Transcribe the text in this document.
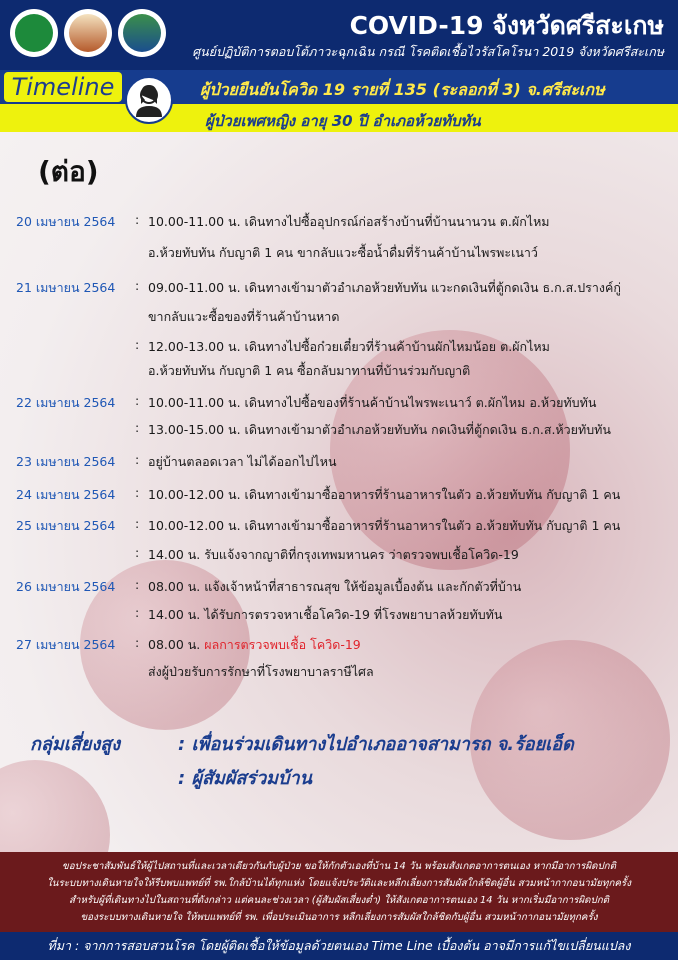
COVID-19 จังหวัดศรีสะเกษ
ศูนย์ปฏิบัติการตอบโต้ภาวะฉุกเฉิน กรณี โรคติดเชื้อไวรัสโคโรนา 2019 จังหวัดศรีสะเกษ
Timeline	ผู้ป่วยยืนยันโควิด 19 รายที่ 135 (ระลอกที่ 3) จ.ศรีสะเกษ
ผู้ป่วยเพศหญิง อายุ 30 ปี อำเภอห้วยทับทัน
(ต่อ)
20 เมษายน 2564 : 10.00-11.00 น. เดินทางไปซื้ออุปกรณ์ก่อสร้างบ้านที่บ้านนานวน ต.ผักไหม
อ.ห้วยทับทัน กับญาติ 1 คน ขากลับแวะซื้อน้ำดื่มที่ร้านค้าบ้านไพรพะเนาว์
21 เมษายน 2564 : 09.00-11.00 น. เดินทางเข้ามาตัวอำเภอห้วยทับทัน แวะกดเงินที่ตู้กดเงิน ธ.ก.ส.ปรางค์กู่
ขากลับแวะซื้อของที่ร้านค้าบ้านหาด
: 12.00-13.00 น. เดินทางไปซื้อก๋วยเตี๋ยวที่ร้านค้าบ้านผักไหมน้อย ต.ผักไหม
อ.ห้วยทับทัน กับญาติ 1 คน ซื้อกลับมาทานที่บ้านร่วมกับญาติ
22 เมษายน 2564 : 10.00-11.00 น. เดินทางไปซื้อของที่ร้านค้าบ้านไพรพะเนาว์ ต.ผักไหม อ.ห้วยทับทัน
: 13.00-15.00 น. เดินทางเข้ามาตัวอำเภอห้วยทับทัน กดเงินที่ตู้กดเงิน ธ.ก.ส.ห้วยทับทัน
23 เมษายน 2564 : อยู่บ้านตลอดเวลา ไม่ได้ออกไปไหน
24 เมษายน 2564 : 10.00-12.00 น. เดินทางเข้ามาซื้ออาหารที่ร้านอาหารในตัว อ.ห้วยทับทัน กับญาติ 1 คน
25 เมษายน 2564 : 10.00-12.00 น. เดินทางเข้ามาซื้ออาหารที่ร้านอาหารในตัว อ.ห้วยทับทัน กับญาติ 1 คน
: 14.00 น. รับแจ้งจากญาติที่กรุงเทพมหานคร ว่าตรวจพบเชื้อโควิด-19
26 เมษายน 2564 : 08.00 น. แจ้งเจ้าหน้าที่สาธารณสุข ให้ข้อมูลเบื้องต้น และกักตัวที่บ้าน
: 14.00 น. ได้รับการตรวจหาเชื้อโควิด-19 ที่โรงพยาบาลห้วยทับทัน
27 เมษายน 2564 : 08.00 น. ผลการตรวจพบเชื้อ โควิด-19
ส่งผู้ป่วยรับการรักษาที่โรงพยาบาลราษีไศล
กลุ่มเสี่ยงสูง	: เพื่อนร่วมเดินทางไปอำเภออาจสามารถ จ.ร้อยเอ็ด
: ผู้สัมผัสร่วมบ้าน
ขอประชาสัมพันธ์ให้ผู้ไปสถานที่และเวลาเดียวกันกับผู้ป่วย ขอให้กักตัวเองที่บ้าน 14 วัน พร้อมสังเกตอาการตนเอง หากมีอาการผิดปกติ
ในระบบทางเดินหายใจให้รีบพบแพทย์ที่ รพ.ใกล้บ้านได้ทุกแห่ง โดยแจ้งประวัติและหลีกเลี่ยงการสัมผัสใกล้ชิดผู้อื่น สวมหน้ากากอนามัยทุกครั้ง
สำหรับผู้ที่เดินทางไปในสถานที่ดังกล่าว แต่คนละช่วงเวลา (ผู้สัมผัสเสี่ยงต่ำ) ให้สังเกตอาการตนเอง 14 วัน หากเริ่มมีอาการผิดปกติ
ของระบบทางเดินหายใจ ให้พบแพทย์ที่ รพ. เพื่อประเมินอาการ หลีกเลี่ยงการสัมผัสใกล้ชิดกับผู้อื่น สวมหน้ากากอนามัยทุกครั้ง
ที่มา : จากการสอบสวนโรค โดยผู้ติดเชื้อให้ข้อมูลด้วยตนเอง Time Line เบื้องต้น อาจมีการแก้ไขเปลี่ยนแปลง
